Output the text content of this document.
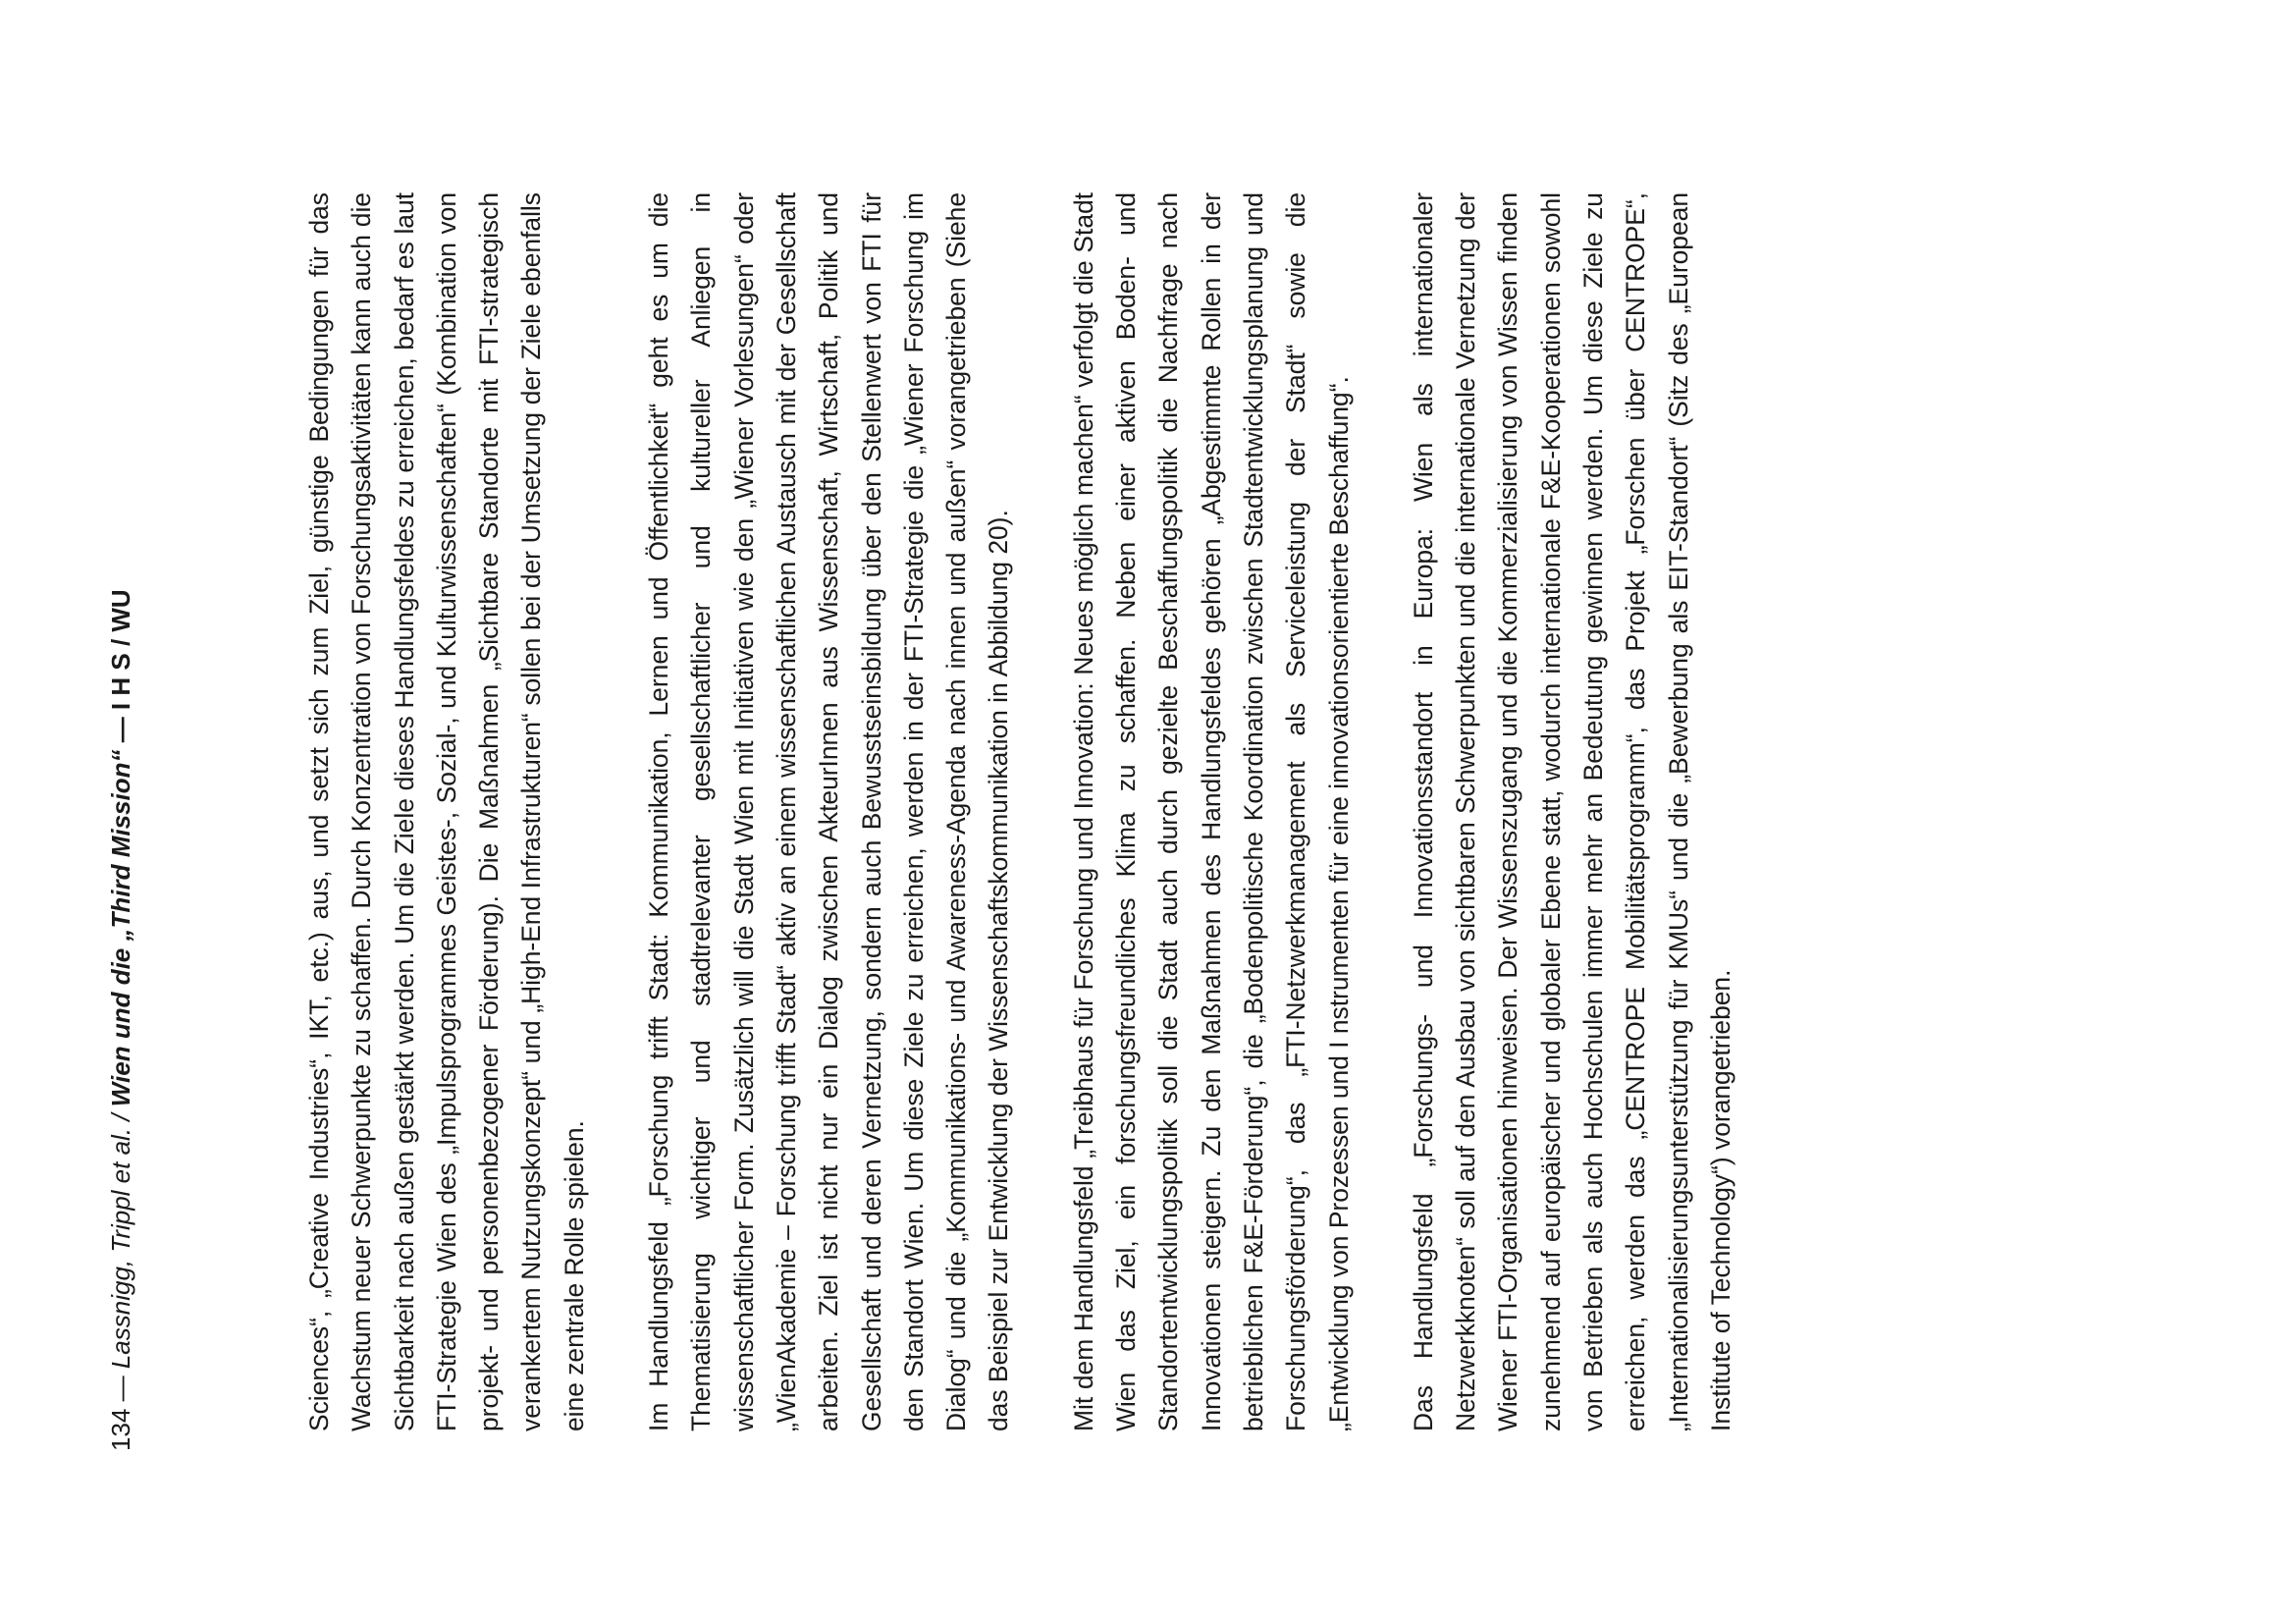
134 — Lassnigg, Trippl et al. / Wien und die „Third Mission“ — I H S / WU	Sciences“, „Creative Industries“, IKT, etc.) aus, und setzt sich zum Ziel, günstige Bedingungen für das Wachstum neuer Schwerpunkte zu schaffen. Durch Konzentration von Forschungsaktivitäten kann auch die Sichtbarkeit nach außen gestärkt werden. Um die Ziele dieses Handlungsfeldes zu erreichen, bedarf es laut FTI-Strategie Wien des „Impulsprogrammes Geistes-, Sozial-, und Kulturwissenschaften“ (Kombination von projekt- und personenbezogener Förderung). Die Maßnahmen „Sichtbare Standorte mit FTI-strategisch verankertem Nutzungskonzept“ und „High-End Infrastrukturen“ sollen bei der Umsetzung der Ziele ebenfalls eine zentrale Rolle spielen. Im Handlungsfeld „Forschung trifft Stadt: Kommunikation, Lernen und Öffentlichkeit“ geht es um die Thematisierung wichtiger und stadtrelevanter gesellschaftlicher und kultureller Anliegen in wissenschaftlicher Form. Zusätzlich will die Stadt Wien mit Initiativen wie den „Wiener Vorlesungen“ oder „WienAkademie – Forschung trifft Stadt“ aktiv an einem wissenschaftlichen Austausch mit der Gesellschaft arbeiten. Ziel ist nicht nur ein Dialog zwischen AkteurInnen aus Wissenschaft, Wirtschaft, Politik und Gesellschaft und deren Vernetzung, sondern auch Bewusstseinsbildung über den Stellenwert von FTI für den Standort Wien. Um diese Ziele zu erreichen, werden in der FTI-Strategie die „Wiener Forschung im Dialog“ und die „Kommunikations- und Awareness-Agenda nach innen und außen“ vorangetrieben (Siehe das Beispiel zur Entwicklung der Wissenschaftskommunikation in Abbildung 20). Mit dem Handlungsfeld „Treibhaus für Forschung und Innovation: Neues möglich machen“ verfolgt die Stadt Wien das Ziel, ein forschungsfreundliches Klima zu schaffen. Neben einer aktiven Boden- und Standortentwicklungspolitik soll die Stadt auch durch gezielte Beschaffungspolitik die Nachfrage nach Innovationen steigern. Zu den Maßnahmen des Handlungsfeldes gehören „Abgestimmte Rollen in der betrieblichen F&E-Förderung“, die „Bodenpolitische Koordination zwischen Stadtentwicklungsplanung und Forschungsförderung“, das „FTI-Netzwerkmanagement als Serviceleistung der Stadt“ sowie die „Entwicklung von Prozessen und I nstrumenten für eine innovationsorientierte Beschaffung“. Das Handlungsfeld „Forschungs- und Innovationsstandort in Europa: Wien als internationaler Netzwerkknoten“ soll auf den Ausbau von sichtbaren Schwerpunkten und die internationale Vernetzung der Wiener FTI-Organisationen hinweisen. Der Wissenszugang und die Kommerzialisierung von Wissen finden zunehmend auf europäischer und globaler Ebene statt, wodurch internationale F&E-Kooperationen sowohl von Betrieben als auch Hochschulen immer mehr an Bedeutung gewinnen werden. Um diese Ziele zu erreichen, werden das „CENTROPE Mobilitätsprogramm“, das Projekt „Forschen über CENTROPE“, „Internationalisierungsunterstützung für KMUs“ und die „Bewerbung als EIT-Standort“ (Sitz des „European Institute of Technology“) vorangetrieben.
